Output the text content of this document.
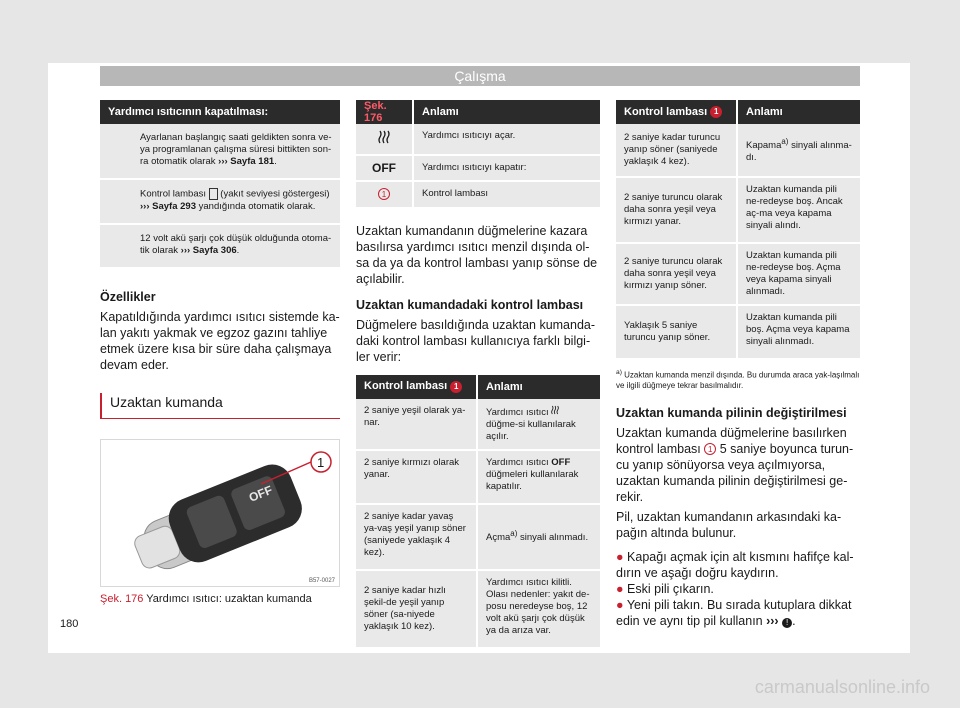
Çalışma
Yardımcı ısıtıcının kapatılması:
Ayarlanan başlangıç saati geldikten sonra ve-ya programlanan çalışma süresi bittikten son-ra otomatik olarak ››› Sayfa 181.
Kontrol lambası (yakıt seviyesi göstergesi)
››› Sayfa 293 yandığında otomatik olarak.
12 volt akü şarjı çok düşük olduğunda otoma-tik olarak ››› Sayfa 306.
Özellikler
Kapatıldığında yardımcı ısıtıcı sistemde ka-lan yakıtı yakmak ve egzoz gazını tahliye etmek üzere kısa bir süre daha çalışmaya devam eder.
Uzaktan kumanda
OFF
1
B57-0027
Şek. 176 Yardımcı ısıtıcı: uzaktan kumanda
Şek. 176	Anlamı
	Yardımcı ısıtıcıyı açar.
OFF	Yardımcı ısıtıcıyı kapatır:
1	Kontrol lambası
Uzaktan kumandanın düğmelerine kazara basılırsa yardımcı ısıtıcı menzil dışında ol-sa da ya da kontrol lambası yanıp sönse de açılabilir.
Uzaktan kumandadaki kontrol lambası
Düğmelere basıldığında uzaktan kumanda-daki kontrol lambası kullanıcıya farklı bilgi-ler verir:
Kontrol lambası 1	Anlamı
2 saniye yeşil olarak ya-nar.	Yardımcı ısıtıcı  düğme-si kullanılarak açılır.
2 saniye kırmızı olarak yanar.	Yardımcı ısıtıcı OFF düğmeleri kullanılarak kapatılır.
2 saniye kadar yavaş ya-vaş yeşil yanıp söner (saniyede yaklaşık 4 kez).	Açma$^{a)}$ sinyali alınmadı.
2 saniye kadar hızlı şekil-de yeşil yanıp söner (sa-niyede yaklaşık 10 kez).	Yardımcı ısıtıcı kilitli. Olası nedenler: yakıt de-posu neredeyse boş, 12 volt akü şarjı çok düşük ya da arıza var.
Kontrol lambası 1	Anlamı
2 saniye kadar turuncu yanıp söner (saniyede yaklaşık 4 kez).	Kapama$^{a)}$ sinyali alınma-dı.
2 saniye turuncu olarak daha sonra yeşil veya kırmızı yanar.	Uzaktan kumanda pili ne-redeyse boş. Ancak aç-ma veya kapama sinyali alındı.
2 saniye turuncu olarak daha sonra yeşil veya kırmızı yanıp söner.	Uzaktan kumanda pili ne-redeyse boş. Açma veya kapama sinyali alınmadı.
Yaklaşık 5 saniye turuncu yanıp söner.	Uzaktan kumanda pili boş. Açma veya kapama sinyali alınmadı.
$^{a)}$ Uzaktan kumanda menzil dışında. Bu durumda araca yak-laşılmalı ve ilgili düğmeye tekrar basılmalıdır.
Uzaktan kumanda pilinin değiştirilmesi
Uzaktan kumanda düğmelerine basılırken kontrol lambası 1 5 saniye boyunca turun-cu yanıp sönüyorsa veya açılmıyorsa, uzaktan kumanda pilinin değiştirilmesi ge-rekir.
Pil, uzaktan kumandanın arkasındaki ka-pağın altında bulunur.
● Kapağı açmak için alt kısmını hafifçe kal-dırın ve aşağı doğru kaydırın.
● Eski pili çıkarın.
● Yeni pili takın. Bu sırada kutuplara dikkat edin ve aynı tip pil kullanın ››› ! .
180
carmanualsonline.info
